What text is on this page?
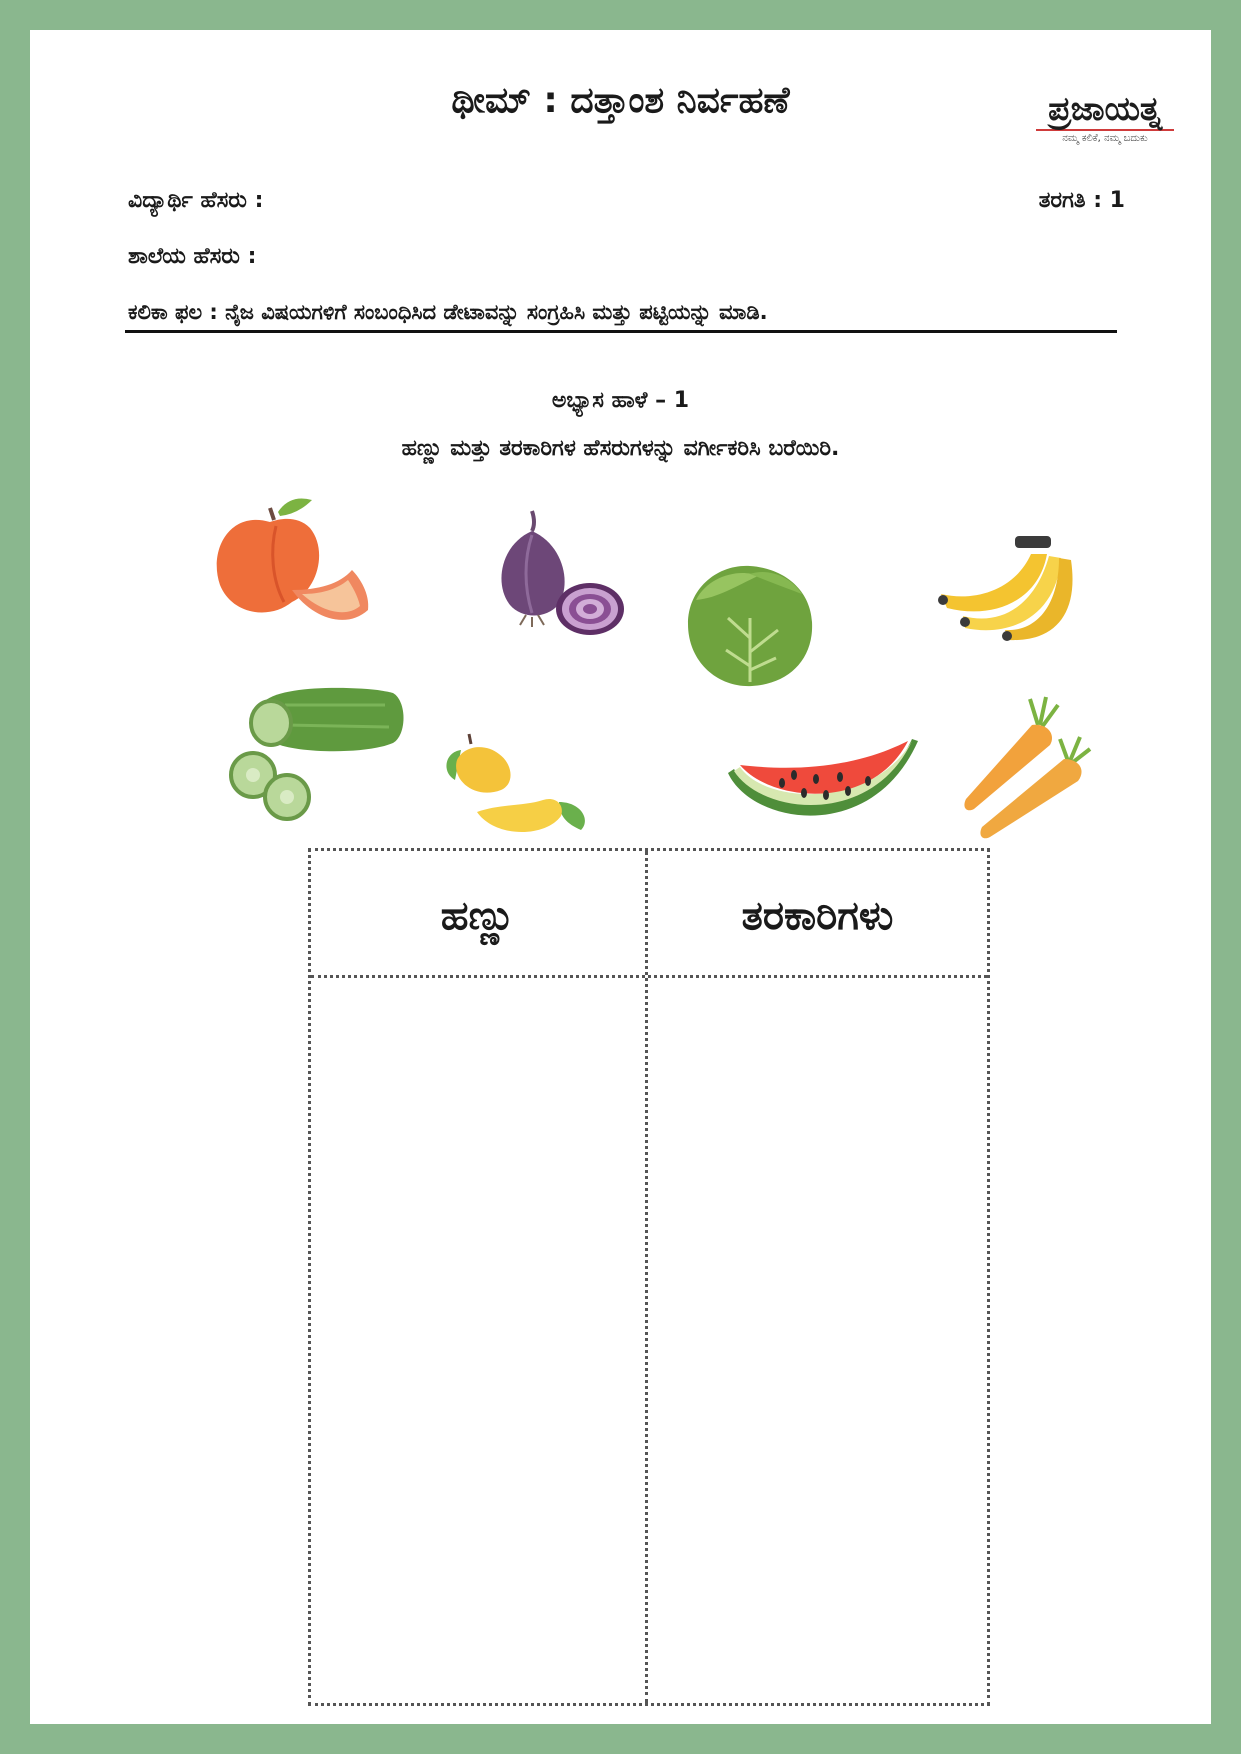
ಥೀಮ್ : ದತ್ತಾಂಶ ನಿರ್ವಹಣೆ	ಪ್ರಜಾಯತ್ನ
ನಮ್ಮ ಕಲಿಕೆ, ನಮ್ಮ ಬದುಕು
ವಿದ್ಯಾರ್ಥಿ ಹೆಸರು :	ತರಗತಿ : 1
ಶಾಲೆಯ ಹೆಸರು :
ಕಲಿಕಾ ಫಲ : ನೈಜ ವಿಷಯಗಳಿಗೆ ಸಂಬಂಧಿಸಿದ ಡೇಟಾವನ್ನು ಸಂಗ್ರಹಿಸಿ ಮತ್ತು ಪಟ್ಟಿಯನ್ನು ಮಾಡಿ.
ಅಭ್ಯಾಸ ಹಾಳೆ – 1
ಹಣ್ಣು ಮತ್ತು ತರಕಾರಿಗಳ ಹೆಸರುಗಳನ್ನು ವರ್ಗೀಕರಿಸಿ ಬರೆಯಿರಿ.
ಹಣ್ಣು	ತರಕಾರಿಗಳು
